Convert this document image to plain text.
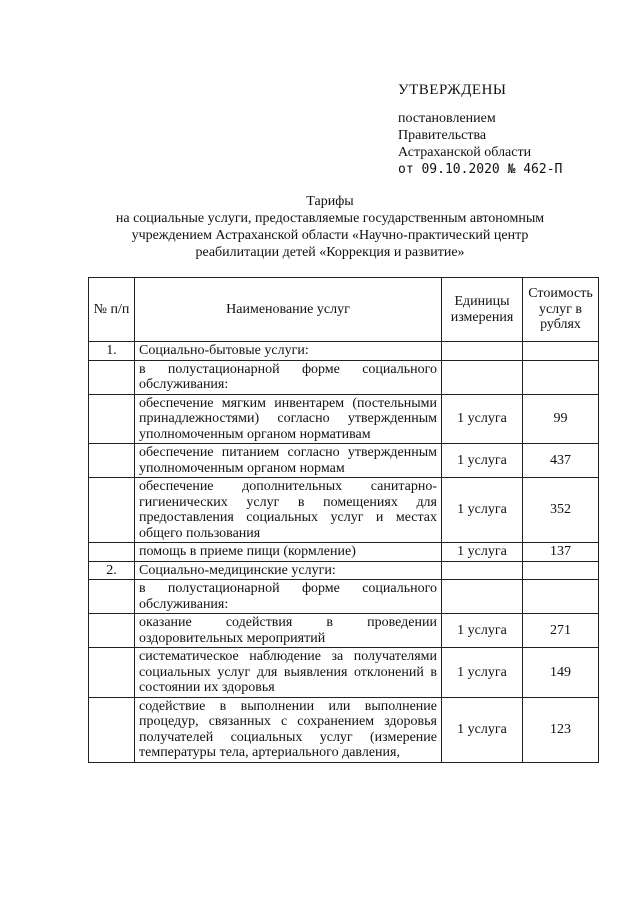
УТВЕРЖДЕНЫ
постановлением
Правительства
Астраханской области
от 09.10.2020 № 462-П
Тарифы
на социальные услуги, предоставляемые государственным автономным
учреждением Астраханской области «Научно-практический центр
реабилитации детей «Коррекция и развитие»
№ п/п	Наименование услуг	Единицы измерения	Стоимость услуг в рублях
1.	Социально-бытовые услуги:		
	в полустационарной форме социального обслуживания:		
	обеспечение мягким инвентарем (постельными принадлежностями) согласно утвержденным уполномоченным органом нормативам	1 услуга	99
	обеспечение питанием согласно утвержденным уполномоченным органом нормам	1 услуга	437
	обеспечение дополнительных санитарно-гигиенических услуг в помещениях для предоставления социальных услуг и местах общего пользования	1 услуга	352
	помощь в приеме пищи (кормление)	1 услуга	137
2.	Социально-медицинские услуги:		
	в полустационарной форме социального обслуживания:		
	оказание содействия в проведении оздоровительных мероприятий	1 услуга	271
	систематическое наблюдение за получателями социальных услуг для выявления отклонений в состоянии их здоровья	1 услуга	149
	содействие в выполнении или выполнение процедур, связанных с сохранением здоровья получателей социальных услуг (измерение температуры тела, артериального давления,	1 услуга	123
